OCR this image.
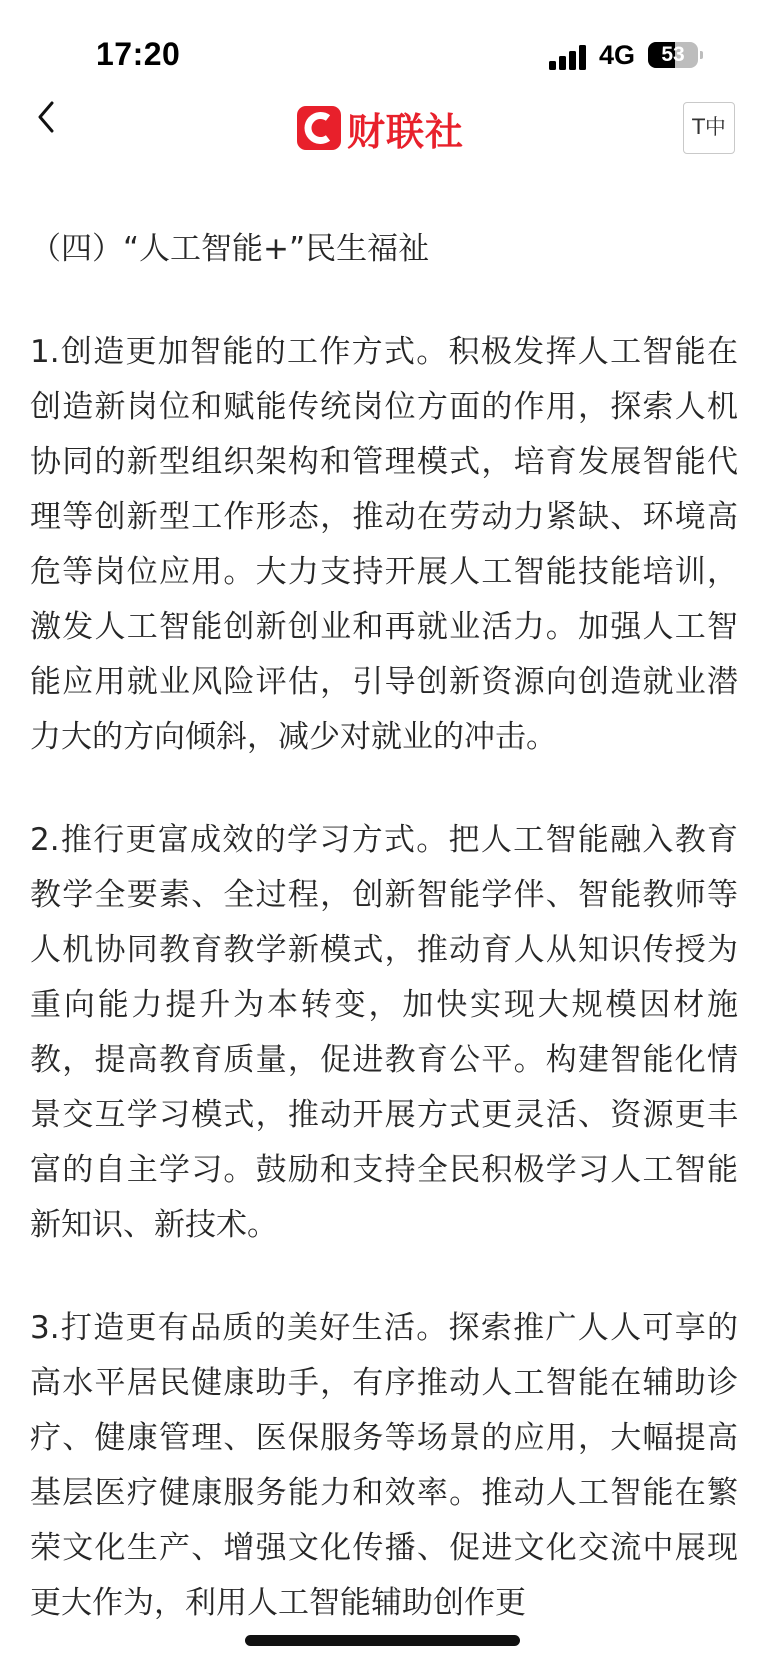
17:20	4G	53
财联社	T中

（四）“人工智能+”民生福祉

1.创造更加智能的工作方式。积极发挥人工智能在创造新岗位和赋能传统岗位方面的作用，探索人机协同的新型组织架构和管理模式，培育发展智能代理等创新型工作形态，推动在劳动力紧缺、环境高危等岗位应用。大力支持开展人工智能技能培训，激发人工智能创新创业和再就业活力。加强人工智能应用就业风险评估，引导创新资源向创造就业潜力大的方向倾斜，减少对就业的冲击。

2.推行更富成效的学习方式。把人工智能融入教育教学全要素、全过程，创新智能学伴、智能教师等人机协同教育教学新模式，推动育人从知识传授为重向能力提升为本转变，加快实现大规模因材施教，提高教育质量，促进教育公平。构建智能化情景交互学习模式，推动开展方式更灵活、资源更丰富的自主学习。鼓励和支持全民积极学习人工智能新知识、新技术。

3.打造更有品质的美好生活。探索推广人人可享的高水平居民健康助手，有序推动人工智能在辅助诊疗、健康管理、医保服务等场景的应用，大幅提高基层医疗健康服务能力和效率。推动人工智能在繁荣文化生产、增强文化传播、促进文化交流中展现更大作为，利用人工智能辅助创作更
